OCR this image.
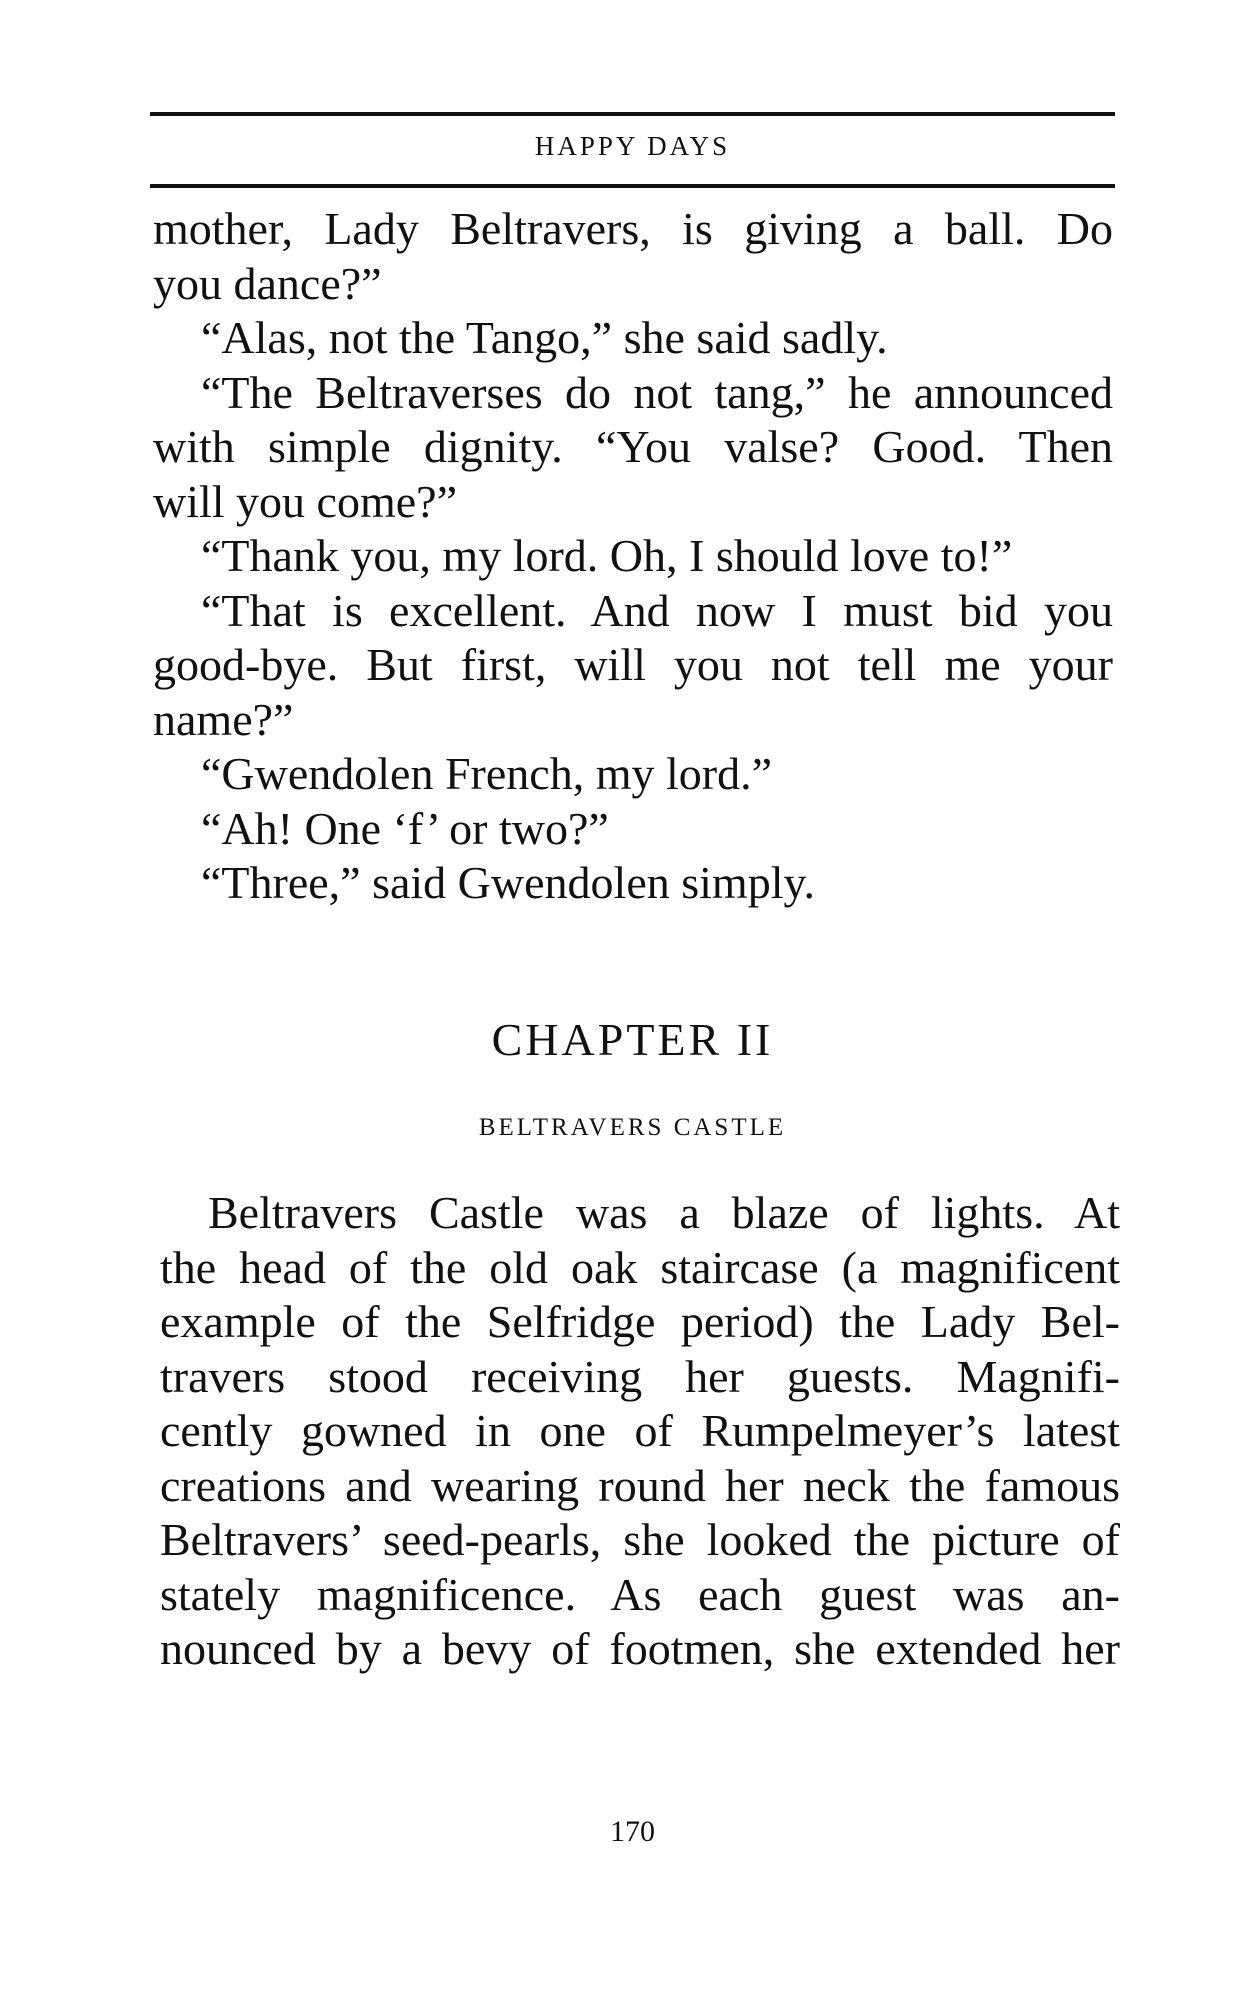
HAPPY DAYS
mother, Lady Beltravers, is giving a ball. Do
you dance?”
“Alas, not the Tango,” she said sadly.
“The Beltraverses do not tang,” he announced
with simple dignity. “You valse? Good. Then
will you come?”
“Thank you, my lord. Oh, I should love to!”
“That is excellent. And now I must bid you
good-bye. But first, will you not tell me your
name?”
“Gwendolen French, my lord.”
“Ah! One ‘f’ or two?”
“Three,” said Gwendolen simply.
CHAPTER II
BELTRAVERS CASTLE
Beltravers Castle was a blaze of lights. At
the head of the old oak staircase (a magnificent
example of the Selfridge period) the Lady Bel-
travers stood receiving her guests. Magnifi-
cently gowned in one of Rumpelmeyer’s latest
creations and wearing round her neck the famous
Beltravers’ seed-pearls, she looked the picture of
stately magnificence. As each guest was an-
nounced by a bevy of footmen, she extended her
170
